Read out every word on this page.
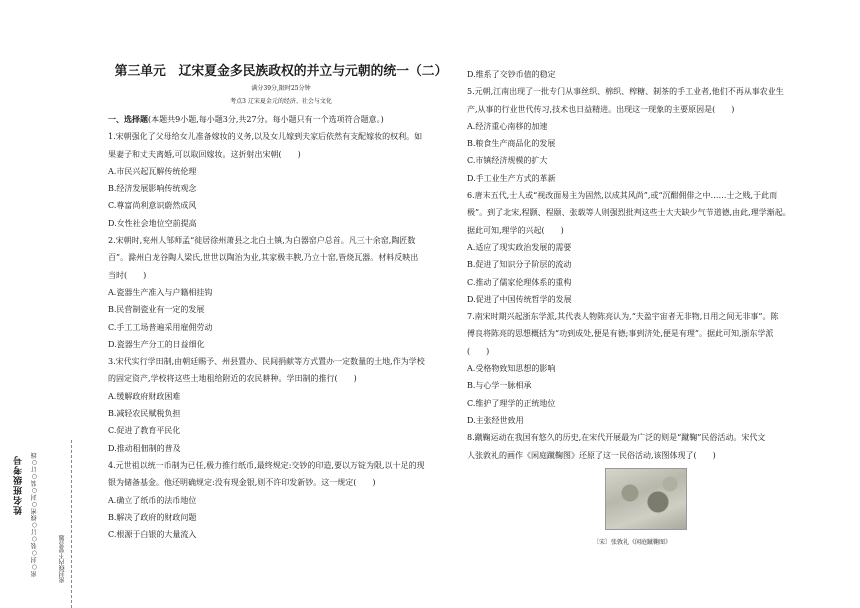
姓名班级考号 密○封○装○订○线密○封○装○订○线	密封线内不要答题
第三单元　辽宋夏金多民族政权的并立与元朝的统一（二）
满分39分,限时25分钟
考点3 辽宋夏金元的经济、社会与文化
一、选择题(本题共9小题,每小题3分,共27分。每小题只有一个选项符合题意。)
1.宋朝强化了父母给女儿准备嫁妆的义务,以及女儿嫁到夫家后依然有支配嫁妆的权利。如
果妻子和丈夫离婚,可以取回嫁妆。这折射出宋朝(　　)
A.市民兴起瓦解传统伦理
B.经济发展影响传统观念
C.尊富尚利意识蔚然成风
D.女性社会地位空前提高
2.宋朝时,兖州人邹师孟“徙居徐州萧县之北白土镇,为白器窑户总首。凡三十余窑,陶匠数
百”。滁州白龙谷陶人梁氏,世世以陶治为业,其家极丰腴,乃立十窑,皆烧瓦器。材料反映出
当时(　　)
A.瓷器生产准入与户籍相挂钩
B.民营制瓷业有一定的发展
C.手工工场普遍采用雇佣劳动
D.瓷器生产分工的日益细化
3.宋代实行学田制,由朝廷赐予、州县置办、民间捐献等方式置办一定数量的土地,作为学校
的固定资产,学校将这些土地租给附近的农民耕种。学田制的推行(　　)
A.缓解政府财政困难
B.减轻农民赋税负担
C.促进了教育平民化
D.推动租佃制的普及
4.元世祖以统一币制为已任,极力推行纸币,最终规定:交钞的印造,要以万锭为限,以十足的现
银为储备基金。他还明确规定:没有现金银,则不许印发新钞。这一规定(　　)
A.确立了纸币的法币地位
B.解决了政府的财政问题
C.根源于白银的大量流入
D.维系了交钞币值的稳定
5.元朝,江南出现了一批专门从事丝织、棉织、榨糖、制茶的手工业者,他们不再从事农业生
产,从事的行业世代传习,技术也日益精进。出现这一现象的主要原因是(　　)
A.经济重心南移的加速
B.粮食生产商品化的发展
C.市镇经济规模的扩大
D.手工业生产方式的革新
6.唐末五代,士人或“视改面易主为固然,以成其风尚”,或“沉酣佣俳之中……士之贱,于此而
极”。到了北宋,程颢、程颐、张载等人则强烈批判这些士大夫缺少气节道德,由此,理学渐起。
据此可知,理学的兴起(　　)
A.适应了现实政治发展的需要
B.促进了知识分子阶层的流动
C.推动了儒家伦理体系的重构
D.促进了中国传统哲学的发展
7.南宋时期兴起浙东学派,其代表人物陈亮认为,“夫盈宇宙者无非物,日用之间无非事”。陈
傅良将陈亮的思想概括为“功到成处,便是有德;事到济处,便是有理”。据此可知,浙东学派
(　　)
A.受格物致知思想的影响
B.与心学一脉相承
C.维护了理学的正统地位
D.主张经世致用
8.蹴鞠运动在我国有悠久的历史,在宋代开展最为广泛的则是“蹴鞠”民俗活动。宋代文
人张敦礼的画作《闲庭蹴鞠图》还原了这一民俗活动,该图体现了(　　)
〔宋〕张敦礼《闲庭蹴鞠图》
